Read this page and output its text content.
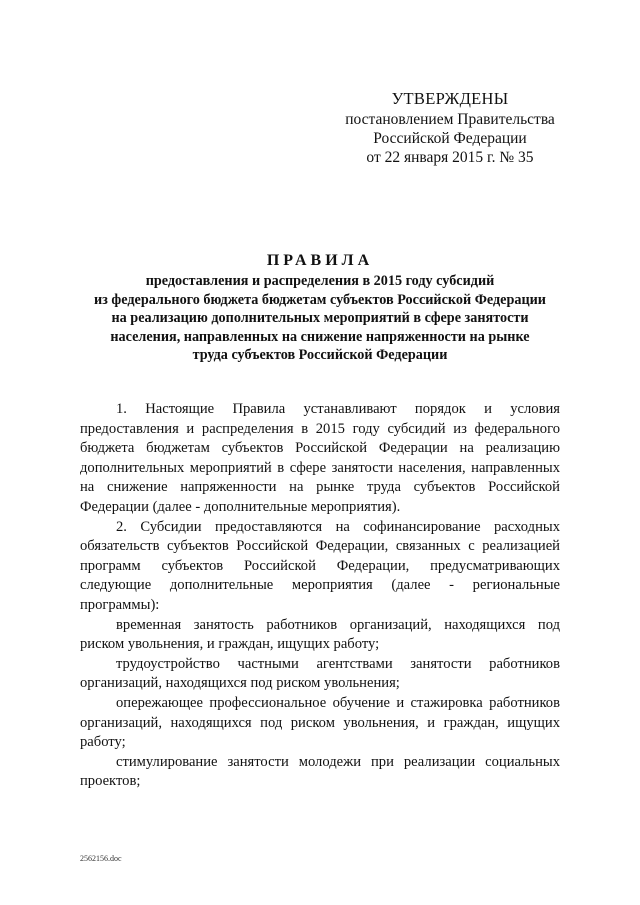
УТВЕРЖДЕНЫ
постановлением Правительства
Российской Федерации
от 22 января 2015 г. № 35
ПРАВИЛА
предоставления и распределения в 2015 году субсидий
из федерального бюджета бюджетам субъектов Российской Федерации
на реализацию дополнительных мероприятий в сфере занятости
населения, направленных на снижение напряженности на рынке
труда субъектов Российской Федерации

1. Настоящие Правила устанавливают порядок и условия предоставления и распределения в 2015 году субсидий из федерального бюджета бюджетам субъектов Российской Федерации на реализацию дополнительных мероприятий в сфере занятости населения, направленных на снижение напряженности на рынке труда субъектов Российской Федерации (далее - дополнительные мероприятия).

2. Субсидии предоставляются на софинансирование расходных обязательств субъектов Российской Федерации, связанных с реализацией программ субъектов Российской Федерации, предусматривающих следующие дополнительные мероприятия (далее - региональные программы):

временная занятость работников организаций, находящихся под риском увольнения, и граждан, ищущих работу;

трудоустройство частными агентствами занятости работников организаций, находящихся под риском увольнения;

опережающее профессиональное обучение и стажировка работников организаций, находящихся под риском увольнения, и граждан, ищущих работу;

стимулирование занятости молодежи при реализации социальных проектов;

2562156.doc
